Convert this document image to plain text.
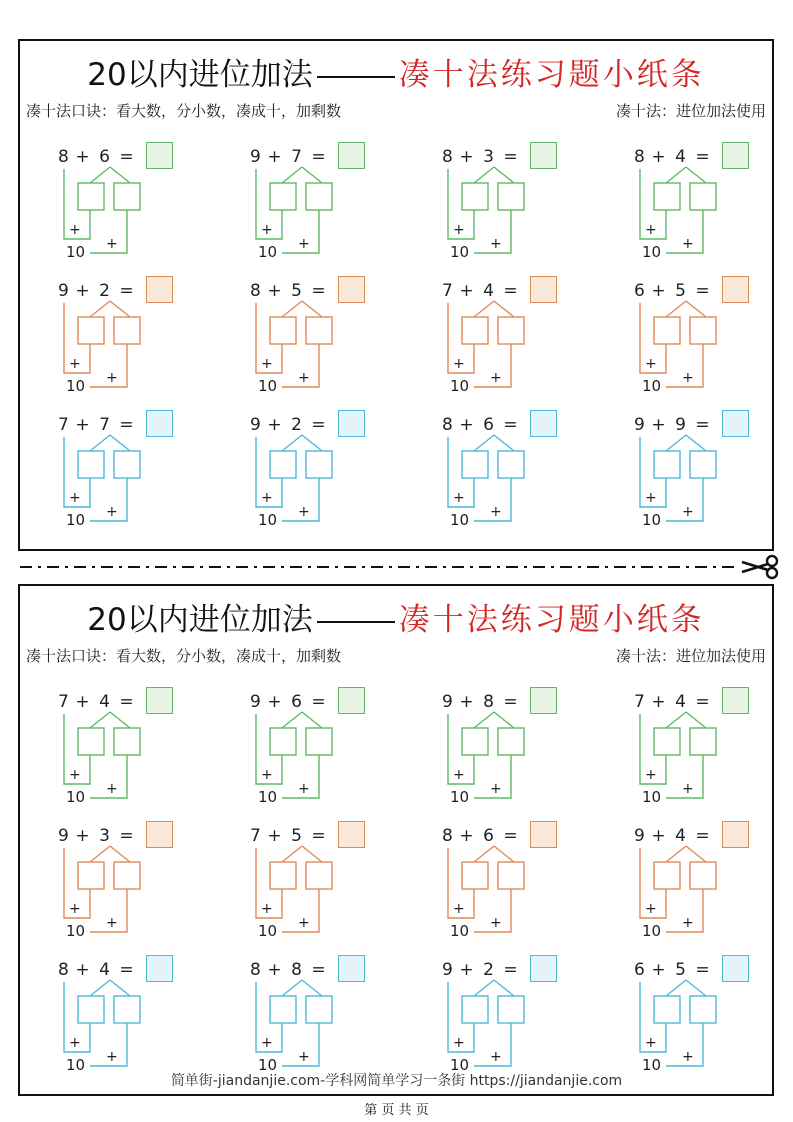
20以内进位加法	凑十法练习题小纸条
凑十法口诀：看大数，分小数，凑成十，加剩数	凑十法：进位加法使用
8 + 6 =
+
+
10
9 + 7 =
+
+
10
8 + 3 =
+
+
10
8 + 4 =
+
+
10
9 + 2 =
+
+
10
8 + 5 =
+
+
10
7 + 4 =
+
+
10
6 + 5 =
+
+
10
7 + 7 =
+
+
10
9 + 2 =
+
+
10
8 + 6 =
+
+
10
9 + 9 =
+
+
10
20以内进位加法	凑十法练习题小纸条
凑十法口诀：看大数，分小数，凑成十，加剩数	凑十法：进位加法使用
7 + 4 =
+
+
10
9 + 6 =
+
+
10
9 + 8 =
+
+
10
7 + 4 =
+
+
10
9 + 3 =
+
+
10
7 + 5 =
+
+
10
8 + 6 =
+
+
10
9 + 4 =
+
+
10
8 + 4 =
+
+
10
8 + 8 =
+
+
10
9 + 2 =
+
+
10
6 + 5 =
+
+
10
简单街-jiandanjie.com-学科网简单学习一条街 https://jiandanjie.com
第 页 共 页
